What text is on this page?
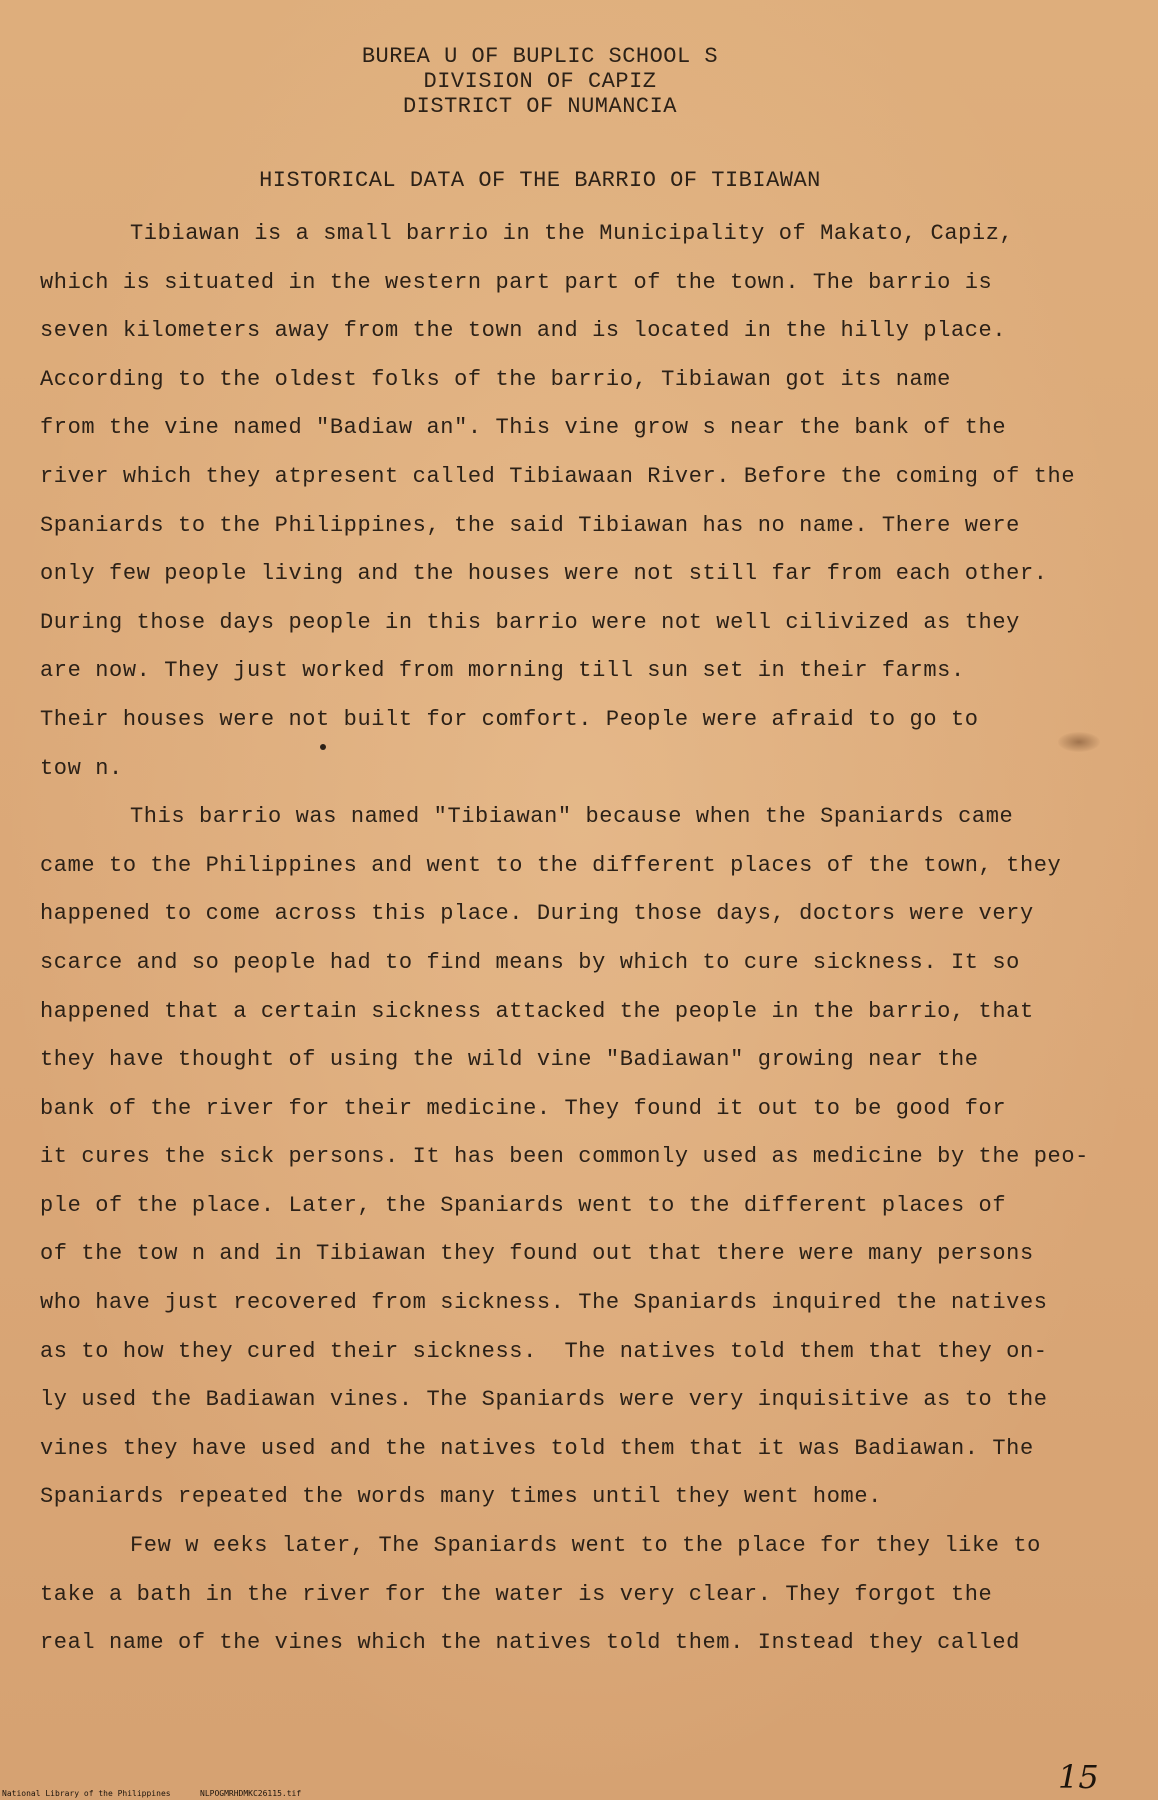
BUREA U OF BUPLIC SCHOOL S
DIVISION OF CAPIZ
DISTRICT OF NUMANCIA
HISTORICAL DATA OF THE BARRIO OF TIBIAWAN
Tibiawan is a small barrio in the Municipality of Makato, Capiz,
which is situated in the western part part of the town. The barrio is
seven kilometers away from the town and is located in the hilly place.
According to the oldest folks of the barrio, Tibiawan got its name
from the vine named "Badiaw an". This vine grow s near the bank of the
river which they atpresent called Tibiawaan River. Before the coming of the
Spaniards to the Philippines, the said Tibiawan has no name. There were
only few people living and the houses were not still far from each other.
During those days people in this barrio were not well cilivized as they
are now. They just worked from morning till sun set in their farms.
Their houses were not built for comfort. People were afraid to go to
tow n.
This barrio was named "Tibiawan" because when the Spaniards came
came to the Philippines and went to the different places of the town, they
happened to come across this place. During those days, doctors were very
scarce and so people had to find means by which to cure sickness. It so
happened that a certain sickness attacked the people in the barrio, that
they have thought of using the wild vine "Badiawan" growing near the
bank of the river for their medicine. They found it out to be good for
it cures the sick persons. It has been commonly used as medicine by the peo-
ple of the place. Later, the Spaniards went to the different places of
of the tow n and in Tibiawan they found out that there were many persons
who have just recovered from sickness. The Spaniards inquired the natives
as to how they cured their sickness.  The natives told them that they on-
ly used the Badiawan vines. The Spaniards were very inquisitive as to the
vines they have used and the natives told them that it was Badiawan. The
Spaniards repeated the words many times until they went home.
Few w eeks later, The Spaniards went to the place for they like to
take a bath in the river for the water is very clear. They forgot the
real name of the vines which the natives told them. Instead they called
National Library of the Philippines	NLPOGMRHDMKC26115.tif	15
